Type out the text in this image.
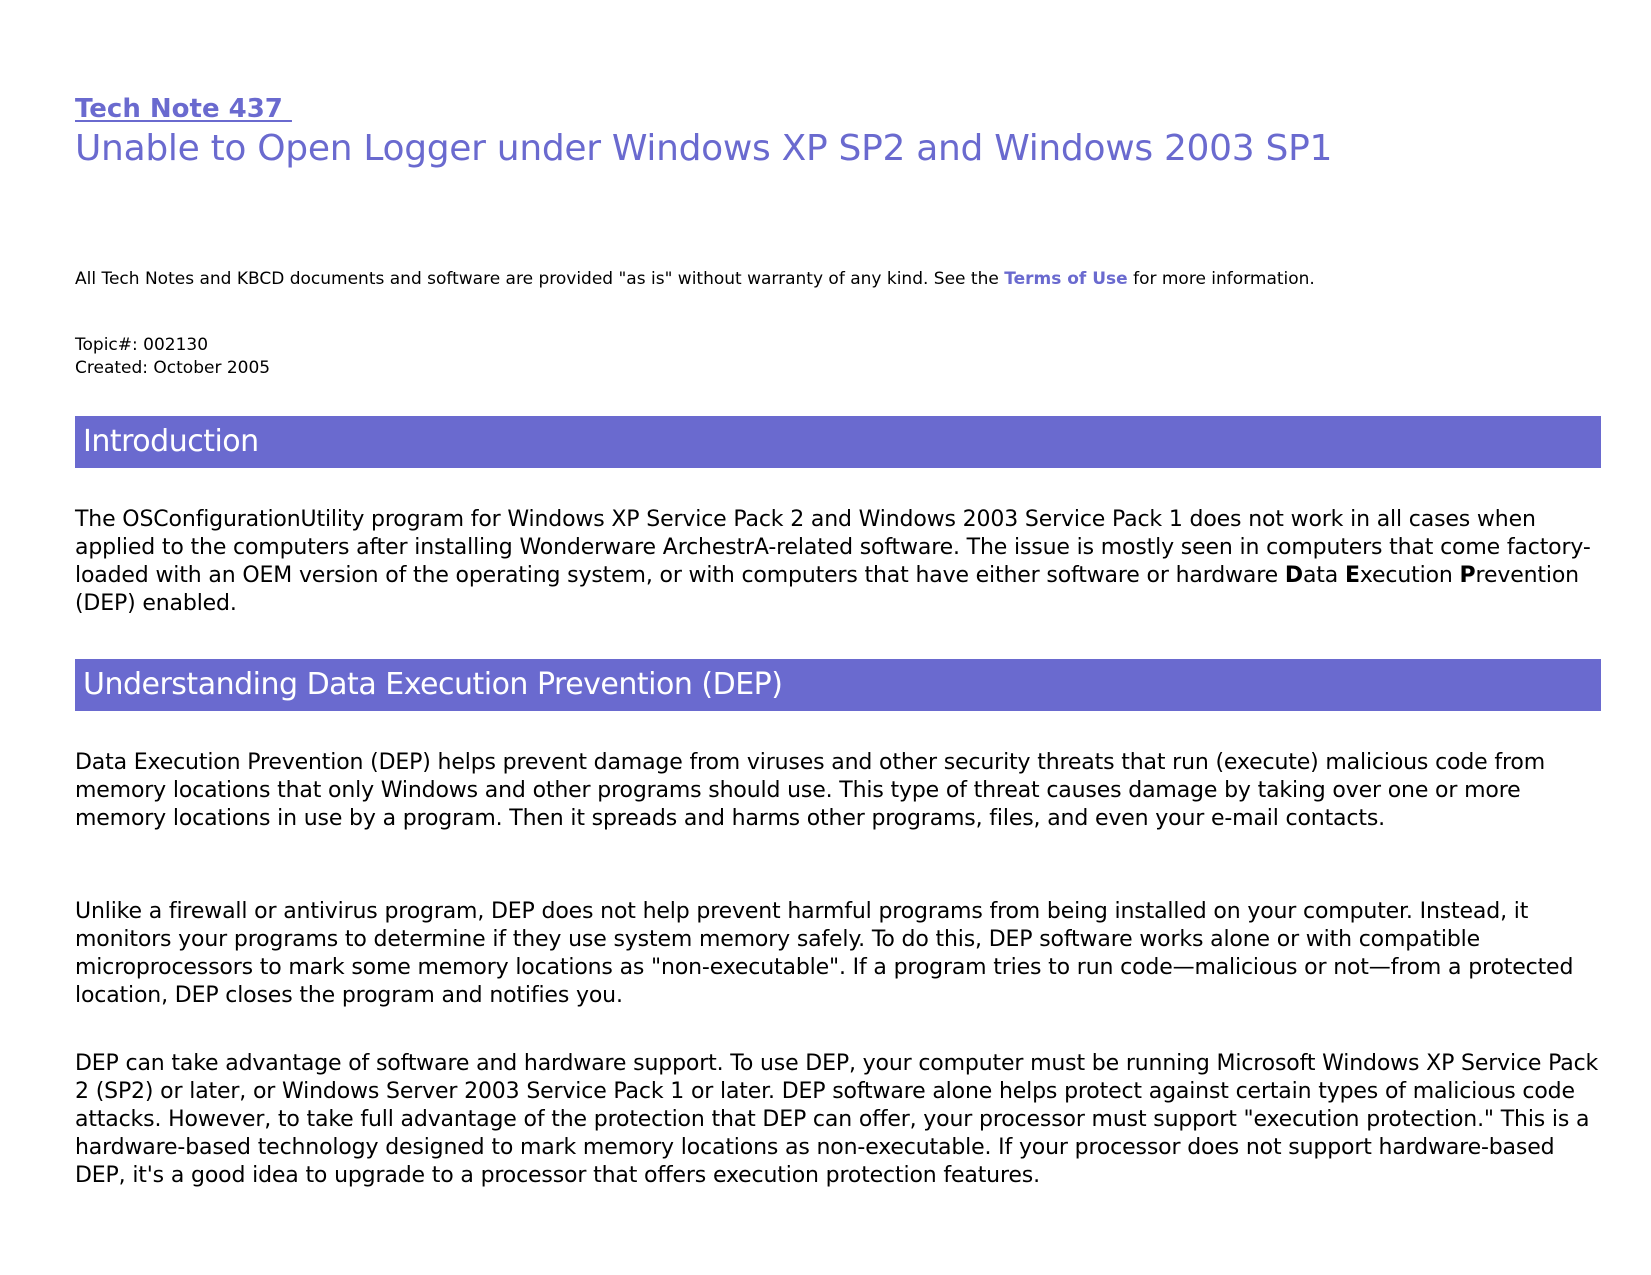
Tech Note 437
Unable to Open Logger under Windows XP SP2 and Windows 2003 SP1
All Tech Notes and KBCD documents and software are provided "as is" without warranty of any kind. See the Terms of Use for more information.
Topic#: 002130
Created: October 2005
Introduction
The OSConfigurationUtility program for Windows XP Service Pack 2 and Windows 2003 Service Pack 1 does not work in all cases when applied to the computers after installing Wonderware ArchestrA-related software. The issue is mostly seen in computers that come factory-loaded with an OEM version of the operating system, or with computers that have either software or hardware Data Execution Prevention (DEP) enabled.
Understanding Data Execution Prevention (DEP)
Data Execution Prevention (DEP) helps prevent damage from viruses and other security threats that run (execute) malicious code from memory locations that only Windows and other programs should use. This type of threat causes damage by taking over one or more memory locations in use by a program. Then it spreads and harms other programs, files, and even your e-mail contacts.
Unlike a firewall or antivirus program, DEP does not help prevent harmful programs from being installed on your computer. Instead, it monitors your programs to determine if they use system memory safely. To do this, DEP software works alone or with compatible microprocessors to mark some memory locations as "non-executable". If a program tries to run code—malicious or not—from a protected location, DEP closes the program and notifies you.
DEP can take advantage of software and hardware support. To use DEP, your computer must be running Microsoft Windows XP Service Pack 2 (SP2) or later, or Windows Server 2003 Service Pack 1 or later. DEP software alone helps protect against certain types of malicious code attacks. However, to take full advantage of the protection that DEP can offer, your processor must support "execution protection." This is a hardware-based technology designed to mark memory locations as non-executable. If your processor does not support hardware-based DEP, it's a good idea to upgrade to a processor that offers execution protection features.
